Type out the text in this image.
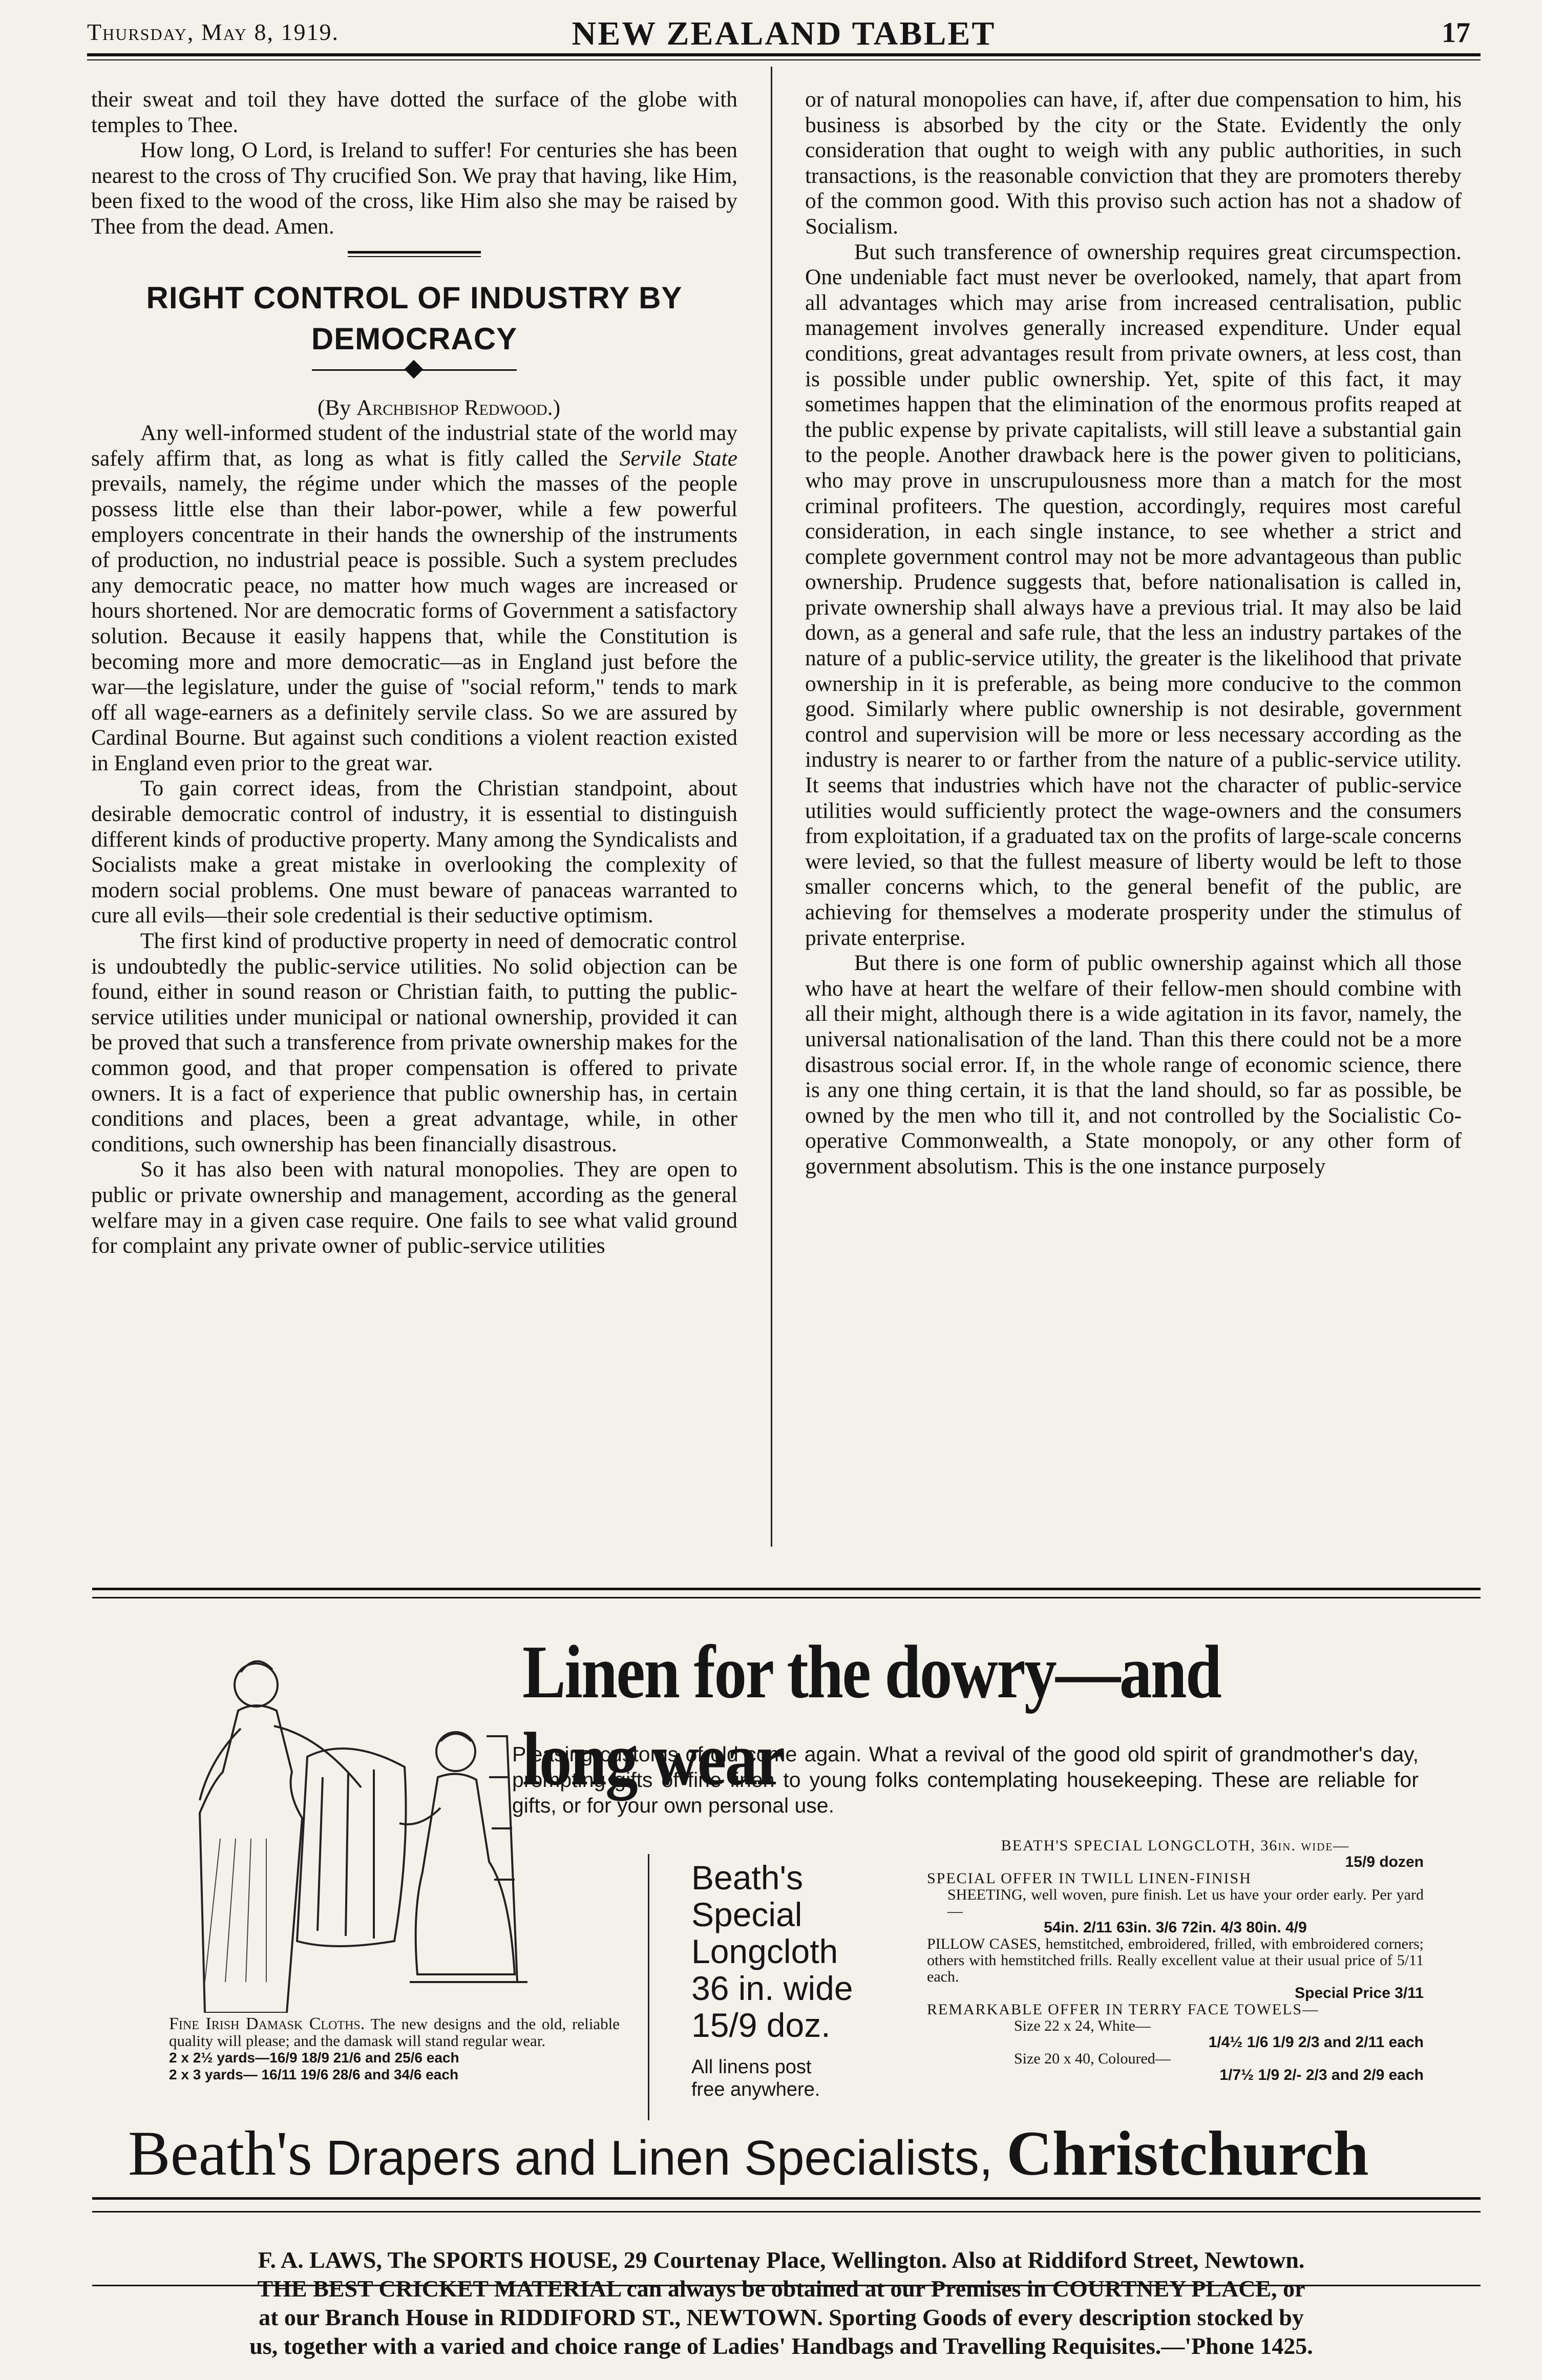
Thursday, May 8, 1919.	NEW ZEALAND TABLET	17

their sweat and toil they have dotted the surface of the globe with temples to Thee.

How long, O Lord, is Ireland to suffer! For centuries she has been nearest to the cross of Thy crucified Son. We pray that having, like Him, been fixed to the wood of the cross, like Him also she may be raised by Thee from the dead. Amen.

RIGHT CONTROL OF INDUSTRY BY DEMOCRACY

(By Archbishop Redwood.)

Any well-informed student of the industrial state of the world may safely affirm that, as long as what is fitly called the Servile State prevails, namely, the régime under which the masses of the people possess little else than their labor-power, while a few powerful employers concentrate in their hands the ownership of the instruments of production, no industrial peace is possible. Such a system precludes any democratic peace, no matter how much wages are increased or hours shortened. Nor are democratic forms of Government a satisfactory solution. Because it easily happens that, while the Constitution is becoming more and more democratic—as in England just before the war—the legislature, under the guise of "social reform," tends to mark off all wage-earners as a definitely servile class. So we are assured by Cardinal Bourne. But against such conditions a violent reaction existed in England even prior to the great war.

To gain correct ideas, from the Christian standpoint, about desirable democratic control of industry, it is essential to distinguish different kinds of productive property. Many among the Syndicalists and Socialists make a great mistake in overlooking the complexity of modern social problems. One must beware of panaceas warranted to cure all evils—their sole credential is their seductive optimism.

The first kind of productive property in need of democratic control is undoubtedly the public-service utilities. No solid objection can be found, either in sound reason or Christian faith, to putting the public-service utilities under municipal or national ownership, provided it can be proved that such a transference from private ownership makes for the common good, and that proper compensation is offered to private owners. It is a fact of experience that public ownership has, in certain conditions and places, been a great advantage, while, in other conditions, such ownership has been financially disastrous.

So it has also been with natural monopolies. They are open to public or private ownership and management, according as the general welfare may in a given case require. One fails to see what valid ground for complaint any private owner of public-service utilities

or of natural monopolies can have, if, after due compensation to him, his business is absorbed by the city or the State. Evidently the only consideration that ought to weigh with any public authorities, in such transactions, is the reasonable conviction that they are promoters thereby of the common good. With this proviso such action has not a shadow of Socialism.

But such transference of ownership requires great circumspection. One undeniable fact must never be overlooked, namely, that apart from all advantages which may arise from increased centralisation, public management involves generally increased expenditure. Under equal conditions, great advantages result from private owners, at less cost, than is possible under public ownership. Yet, spite of this fact, it may sometimes happen that the elimination of the enormous profits reaped at the public expense by private capitalists, will still leave a substantial gain to the people. Another drawback here is the power given to politicians, who may prove in unscrupulousness more than a match for the most criminal profiteers. The question, accordingly, requires most careful consideration, in each single instance, to see whether a strict and complete government control may not be more advantageous than public ownership. Prudence suggests that, before nationalisation is called in, private ownership shall always have a previous trial. It may also be laid down, as a general and safe rule, that the less an industry partakes of the nature of a public-service utility, the greater is the likelihood that private ownership in it is preferable, as being more conducive to the common good. Similarly where public ownership is not desirable, government control and supervision will be more or less necessary according as the industry is nearer to or farther from the nature of a public-service utility. It seems that industries which have not the character of public-service utilities would sufficiently protect the wage-owners and the consumers from exploitation, if a graduated tax on the profits of large-scale concerns were levied, so that the fullest measure of liberty would be left to those smaller concerns which, to the general benefit of the public, are achieving for themselves a moderate prosperity under the stimulus of private enterprise.

But there is one form of public ownership against which all those who have at heart the welfare of their fellow-men should combine with all their might, although there is a wide agitation in its favor, namely, the universal nationalisation of the land. Than this there could not be a more disastrous social error. If, in the whole range of economic science, there is any one thing certain, it is that the land should, so far as possible, be owned by the men who till it, and not controlled by the Socialistic Co-operative Commonwealth, a State monopoly, or any other form of government absolutism. This is the one instance purposely

Linen for the dowry—and long wear
Pleasing customs of old come again. What a revival of the good old spirit of grandmother's day, prompting gifts of fine linen to young folks contemplating housekeeping. These are reliable for gifts, or for your own personal use.
Fine Irish Damask Cloths. The new designs and the old, reliable quality will please; and the damask will stand regular wear.
2 x 2½ yards—16/9 18/9 21/6 and 25/6 each
2 x 3 yards— 16/11 19/6 28/6 and 34/6 each
Beath's
Special
Longcloth
36 in. wide
15/9 doz.
All linens post
free anywhere.
BEATH'S SPECIAL LONGCLOTH, 36in. wide—
15/9 dozen
SPECIAL OFFER IN TWILL LINEN-FINISH
SHEETING, well woven, pure finish. Let us have your order early. Per yard—
54in. 2/11 63in. 3/6 72in. 4/3 80in. 4/9
PILLOW CASES, hemstitched, embroidered, frilled, with embroidered corners; others with hemstitched frills. Really excellent value at their usual price of 5/11 each.
Special Price 3/11
REMARKABLE OFFER IN TERRY FACE TOWELS—
Size 22 x 24, White—
1/4½ 1/6 1/9 2/3 and 2/11 each
Size 20 x 40, Coloured—
1/7½ 1/9 2/- 2/3 and 2/9 each
Beath's Drapers and Linen Specialists, Christchurch
F. A. LAWS, The SPORTS HOUSE, 29 Courtenay Place, Wellington. Also at Riddiford Street, Newtown.
THE BEST CRICKET MATERIAL can always be obtained at our Premises in COURTNEY PLACE, or
at our Branch House in RIDDIFORD ST., NEWTOWN. Sporting Goods of every description stocked by
us, together with a varied and choice range of Ladies' Handbags and Travelling Requisites.—'Phone 1425.
